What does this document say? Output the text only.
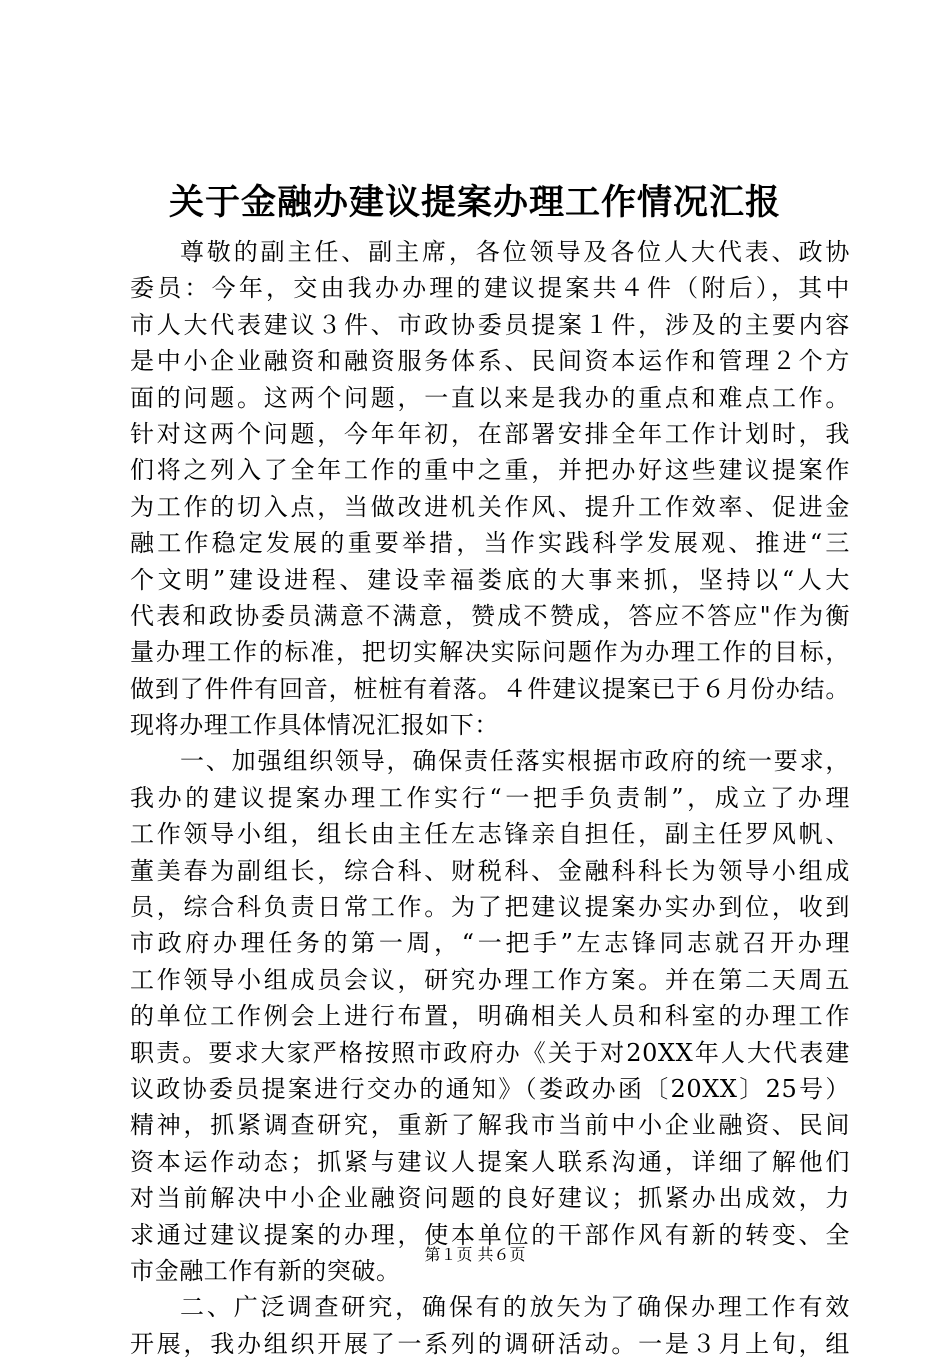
关于金融办建议提案办理工作情况汇报
尊敬的副主任、副主席，各位领导及各位人大代表、政协
委员：今年，交由我办办理的建议提案共４件（附后），其中
市人大代表建议３件、市政协委员提案１件，涉及的主要内容
是中小企业融资和融资服务体系、民间资本运作和管理２个方
面的问题。这两个问题，一直以来是我办的重点和难点工作。
针对这两个问题，今年年初，在部署安排全年工作计划时，我
们将之列入了全年工作的重中之重，并把办好这些建议提案作
为工作的切入点，当做改进机关作风、提升工作效率、促进金
融工作稳定发展的重要举措，当作实践科学发展观、推进“三
个文明”建设进程、建设幸福娄底的大事来抓，坚持以“人大
代表和政协委员满意不满意，赞成不赞成，答应不答应"作为衡
量办理工作的标准，把切实解决实际问题作为办理工作的目标，
做到了件件有回音，桩桩有着落。４件建议提案已于６月份办结。
现将办理工作具体情况汇报如下：
一、加强组织领导，确保责任落实根据市政府的统一要求，
我办的建议提案办理工作实行“一把手负责制”，成立了办理
工作领导小组，组长由主任左志锋亲自担任，副主任罗风帆、
董美春为副组长，综合科、财税科、金融科科长为领导小组成
员，综合科负责日常工作。为了把建议提案办实办到位，收到
市政府办理任务的第一周，“一把手”左志锋同志就召开办理
工作领导小组成员会议，研究办理工作方案。并在第二天周五
的单位工作例会上进行布置，明确相关人员和科室的办理工作
职责。要求大家严格按照市政府办《关于对20XX年人大代表建
议政协委员提案进行交办的通知》（娄政办函〔20XX〕25号）
精神，抓紧调查研究，重新了解我市当前中小企业融资、民间
资本运作动态；抓紧与建议人提案人联系沟通，详细了解他们
对当前解决中小企业融资问题的良好建议；抓紧办出成效，力
求通过建议提案的办理，使本单位的干部作风有新的转变、全
市金融工作有新的突破。
二、广泛调查研究，确保有的放矢为了确保办理工作有效
开展，我办组织开展了一系列的调研活动。一是３月上旬，组
第１页 共６页
